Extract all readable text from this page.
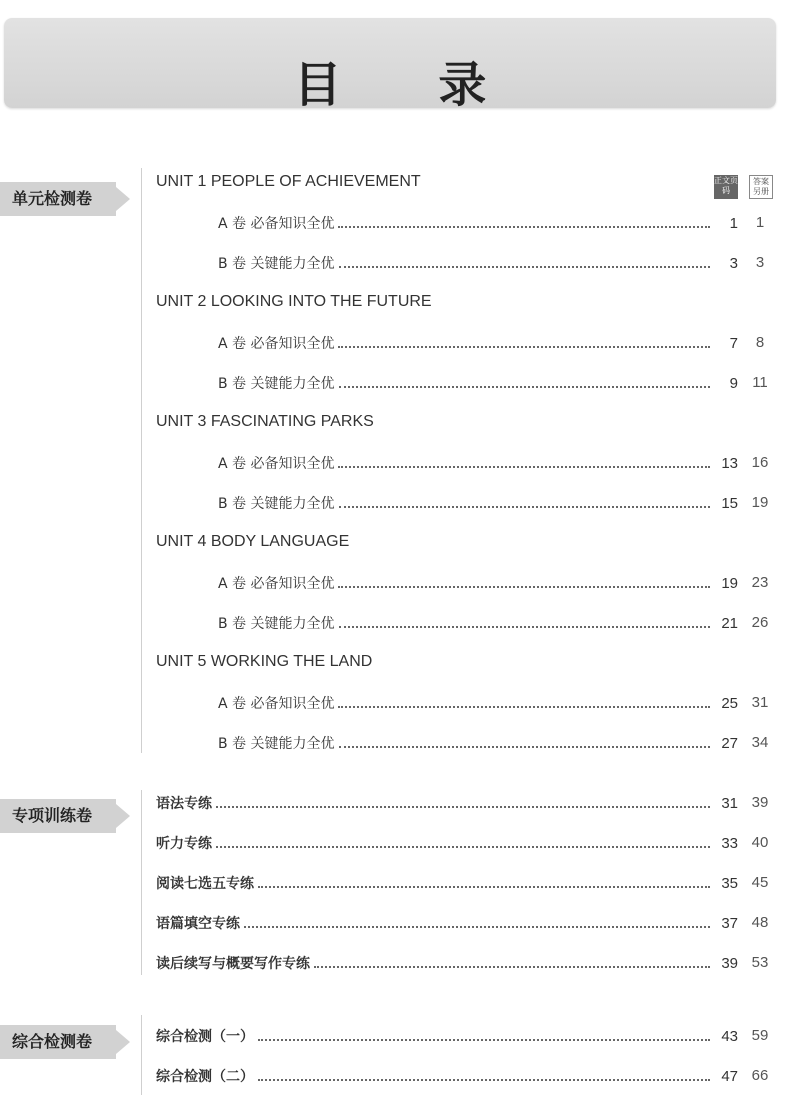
目 录
正文页码
答案另册
单元检测卷
UNIT 1 PEOPLE OF ACHIEVEMENT
A 卷 必备知识全优	1	1
B 卷 关键能力全优	3	3
UNIT 2 LOOKING INTO THE FUTURE
A 卷 必备知识全优	7	8
B 卷 关键能力全优	9 11
UNIT 3 FASCINATING PARKS
A 卷 必备知识全优	13 16
B 卷 关键能力全优	15 19
UNIT 4 BODY LANGUAGE
A 卷 必备知识全优	19 23
B 卷 关键能力全优	21 26
UNIT 5 WORKING THE LAND
A 卷 必备知识全优	25 31
B 卷 关键能力全优	27 34
专项训练卷
语法专练	31 39
听力专练	33 40
阅读七选五专练	35 45
语篇填空专练	37 48
读后续写与概要写作专练	39 53
综合检测卷	综合检测（一）	43 59
综合检测（二）	47 66
